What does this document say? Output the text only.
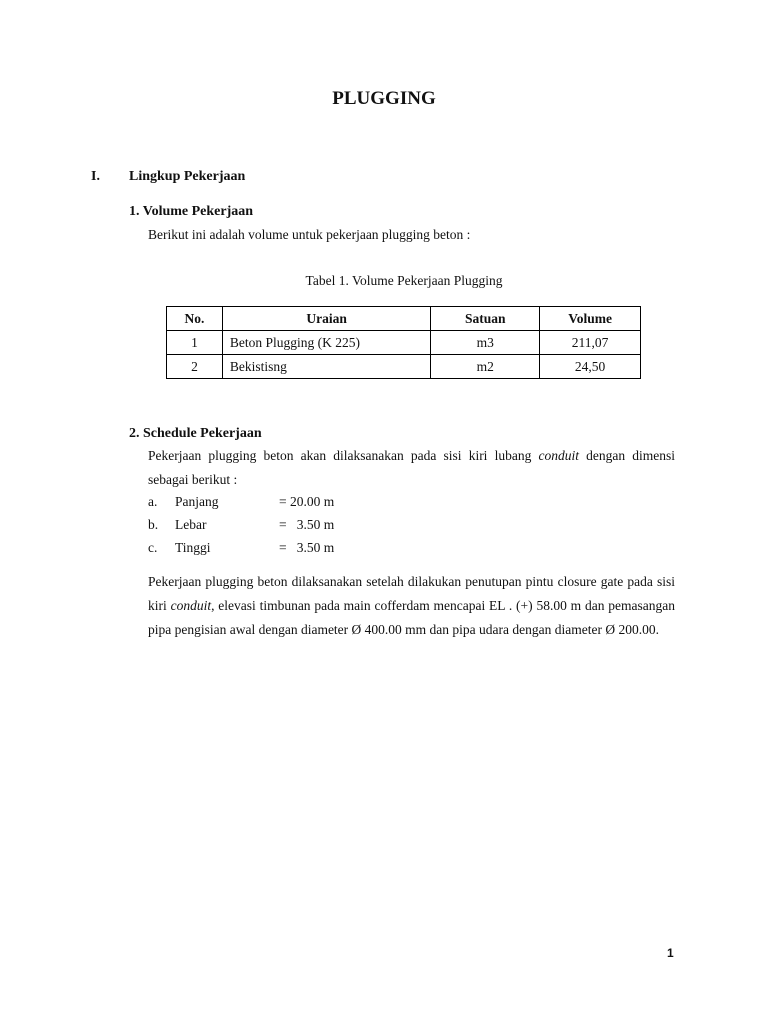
PLUGGING
I. Lingkup Pekerjaan
1. Volume Pekerjaan
Berikut ini adalah volume untuk pekerjaan plugging beton :
Tabel 1. Volume Pekerjaan Plugging
No.	Uraian	Satuan	Volume
1	Beton Plugging (K 225)	m3	211,07
2	Bekistisng	m2	24,50
2. Schedule Pekerjaan
Pekerjaan plugging beton akan dilaksanakan pada sisi kiri lubang conduit dengan dimensi sebagai berikut :
a. Panjang	= 20.00 m
b. Lebar	=   3.50 m
c. Tinggi	=   3.50 m
Pekerjaan plugging beton dilaksanakan setelah dilakukan penutupan pintu closure gate pada sisi kiri conduit, elevasi timbunan pada main cofferdam mencapai EL . (+) 58.00 m dan pemasangan pipa pengisian awal dengan diameter Ø 400.00 mm dan pipa udara dengan diameter Ø 200.00.
1
